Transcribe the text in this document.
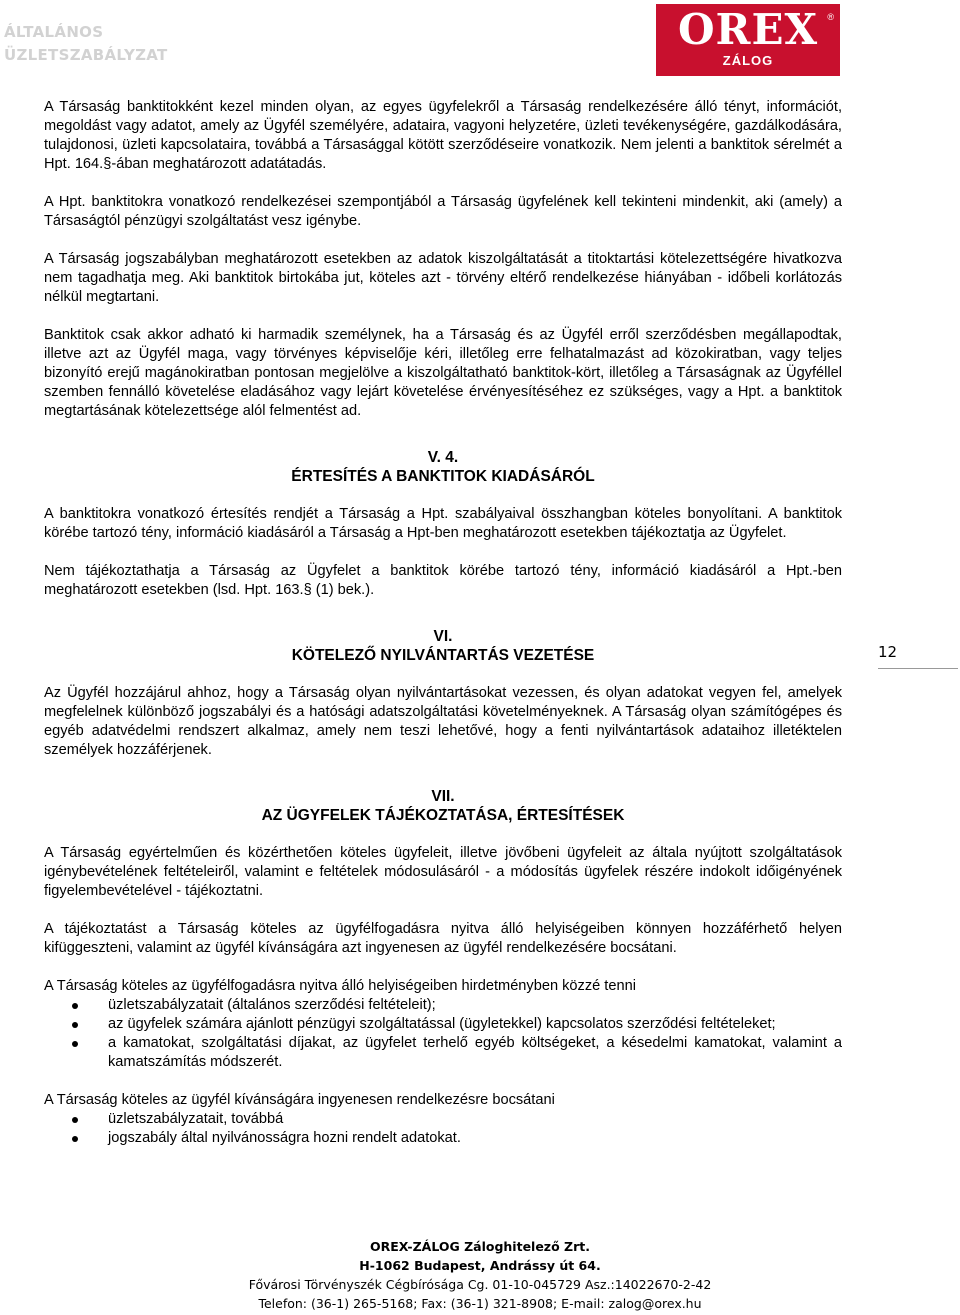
ÁLTALÁNOS
ÜZLETSZABÁLYZAT
OREX	®
ZÁLOG
12

A Társaság banktitokként kezel minden olyan, az egyes ügyfelekről a Társaság rendelkezésére álló tényt, információt, megoldást vagy adatot, amely az Ügyfél személyére, adataira, vagyoni helyzetére, üzleti tevékenységére, gazdálkodására, tulajdonosi, üzleti kapcsolataira, továbbá a Társasággal kötött szerződéseire vonatkozik. Nem jelenti a banktitok sérelmét a Hpt. 164.§-ában meghatározott adatátadás.

A Hpt. banktitokra vonatkozó rendelkezései szempontjából a Társaság ügyfelének kell tekinteni mindenkit, aki (amely) a Társaságtól pénzügyi szolgáltatást vesz igénybe.

A Társaság jogszabályban meghatározott esetekben az adatok kiszolgáltatását a titoktartási kötelezettségére hivatkozva nem tagadhatja meg. Aki banktitok birtokába jut, köteles azt - törvény eltérő rendelkezése hiányában - időbeli korlátozás nélkül megtartani.

Banktitok csak akkor adható ki harmadik személynek, ha a Társaság és az Ügyfél erről szerződésben megállapodtak, illetve azt az Ügyfél maga, vagy törvényes képviselője kéri, illetőleg erre felhatalmazást ad közokiratban, vagy teljes bizonyító erejű magánokiratban pontosan megjelölve a kiszolgáltatható banktitok-kört, illetőleg a Társaságnak az Ügyféllel szemben fennálló követelése eladásához vagy lejárt követelése érvényesítéséhez ez szükséges, vagy a Hpt. a banktitok megtartásának kötelezettsége alól felmentést ad.

V. 4.

ÉRTESÍTÉS A BANKTITOK KIADÁSÁRÓL

A banktitokra vonatkozó értesítés rendjét a Társaság a Hpt. szabályaival összhangban köteles bonyolítani. A banktitok körébe tartozó tény, információ kiadásáról a Társaság a Hpt-ben meghatározott esetekben tájékoztatja az Ügyfelet.

Nem tájékoztathatja a Társaság az Ügyfelet a banktitok körébe tartozó tény, információ kiadásáról a Hpt.-ben meghatározott esetekben (lsd. Hpt. 163.§ (1) bek.).

VI.

KÖTELEZŐ NYILVÁNTARTÁS VEZETÉSE

Az Ügyfél hozzájárul ahhoz, hogy a Társaság olyan nyilvántartásokat vezessen, és olyan adatokat vegyen fel, amelyek megfelelnek különböző jogszabályi és a hatósági adatszolgáltatási követelményeknek. A Társaság olyan számítógépes és egyéb adatvédelmi rendszert alkalmaz, amely nem teszi lehetővé, hogy a fenti nyilvántartások adataihoz illetéktelen személyek hozzáférjenek.

VII.

AZ ÜGYFELEK TÁJÉKOZTATÁSA, ÉRTESÍTÉSEK

A Társaság egyértelműen és közérthetően köteles ügyfeleit, illetve jövőbeni ügyfeleit az általa nyújtott szolgáltatások igénybevételének feltételeiről, valamint e feltételek módosulásáról - a módosítás ügyfelek részére indokolt időigényének figyelembevételével - tájékoztatni.

A tájékoztatást a Társaság köteles az ügyfélfogadásra nyitva álló helyiségeiben könnyen hozzáférhető helyen kifüggeszteni, valamint az ügyfél kívánságára azt ingyenesen az ügyfél rendelkezésére bocsátani.

A Társaság köteles az ügyfélfogadásra nyitva álló helyiségeiben hirdetményben közzé tenni

üzletszabályzatait (általános szerződési feltételeit);
az ügyfelek számára ajánlott pénzügyi szolgáltatással (ügyletekkel) kapcsolatos szerződési feltételeket;
a kamatokat, szolgáltatási díjakat, az ügyfelet terhelő egyéb költségeket, a késedelmi kamatokat, valamint a kamatszámítás módszerét.

A Társaság köteles az ügyfél kívánságára ingyenesen rendelkezésre bocsátani

üzletszabályzatait, továbbá
jogszabály által nyilvánosságra hozni rendelt adatokat.
OREX-ZÁLOG Záloghitelező Zrt.
H-1062 Budapest, Andrássy út 64.
Fővárosi Törvényszék Cégbírósága Cg. 01-10-045729 Asz.:14022670-2-42
Telefon: (36-1) 265-5168; Fax: (36-1) 321-8908; E-mail: zalog@orex.hu
